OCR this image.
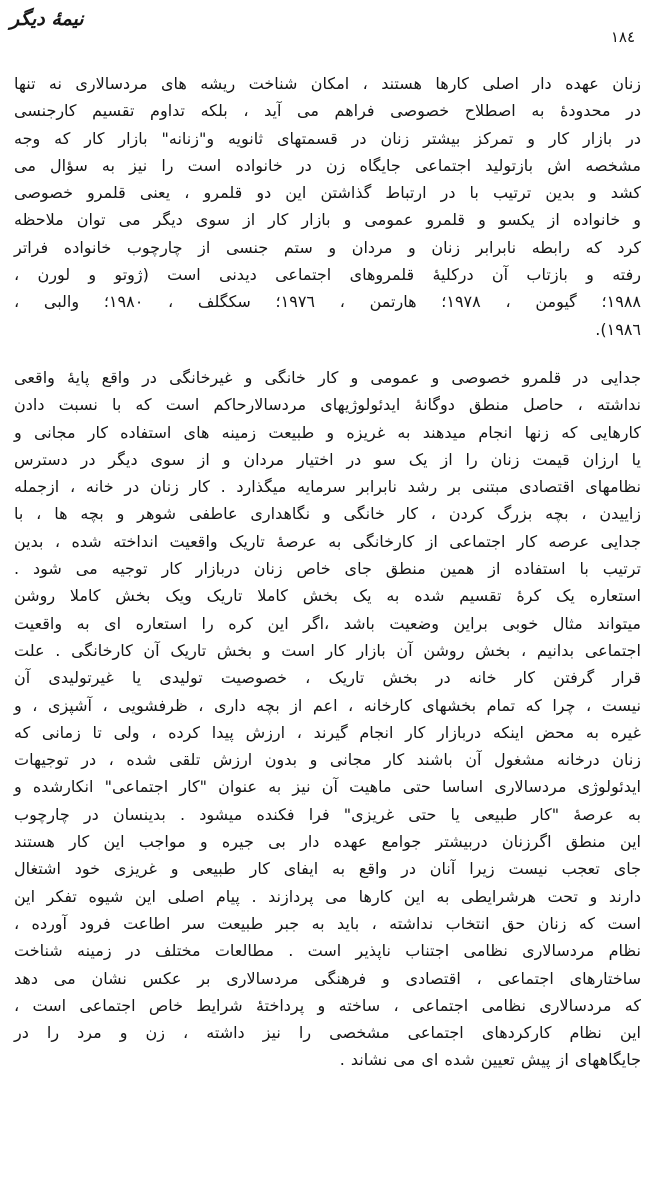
نیمهٔ دیگر
١٨٤
زنان عهده دار اصلی کارها هستند ، امکان شناخت ریشه های مردسالاری نه تنها
در محدودهٔ به اصطلاح خصوصی فراهم می آید ، بلکه تداوم تقسیم کارجنسی
در بازار کار و تمرکز بیشتر زنان در قسمتهای ثانویه و"زنانه" بازار کار که وجه
مشخصه اش بازتولید اجتماعی جایگاه زن در خانواده است را نیز به سؤال می
کشد و بدین ترتیب با در ارتباط گذاشتن این دو قلمرو ، یعنی قلمرو خصوصی
و خانواده از یکسو و قلمرو عمومی و بازار کار از سوی دیگر می توان ملاحظه
کرد که رابطه نابرابر زنان و مردان و ستم جنسی از چارچوب خانواده فراتر
رفته و بازتاب آن درکلیهٔ قلمروهای اجتماعی دیدنی است (ژوتو و لورن ،
١٩٨٨؛ گیومن ، ١٩٧٨؛ هارتمن ، ١٩٧٦؛ سکگلف ، ١٩٨٠؛ والبی ،
١٩٨٦).
جدایی در قلمرو خصوصی و عمومی و کار خانگی و غیرخانگی در واقع پایهٔ واقعی
نداشته ، حاصل منطق دوگانهٔ ایدئولوژیهای مردسالارحاکم است که با نسبت دادن
کارهایی که زنها انجام میدهند به غریزه و طبیعت زمینه های استفاده کار مجانی و
یا ارزان قیمت زنان را از یک سو در اختیار مردان و از سوی دیگر در دسترس
نظامهای اقتصادی مبتنی بر رشد نابرابر سرمایه میگذارد . کار زنان در خانه ، ازجمله
زاییدن ، بچه بزرگ کردن ، کار خانگی و نگاهداری عاطفی شوهر و بچه ها ، با
جدایی عرصه کار اجتماعی از کارخانگی به عرصهٔ تاریک واقعیت انداخته شده ، بدین
ترتیب با استفاده از همین منطق جای خاص زنان دربازار کار توجیه می شود .
استعاره یک کرهٔ تقسیم شده به یک بخش کاملا تاریک ویک بخش کاملا روشن
میتواند مثال خوبی براین وضعیت باشد ،اگر این کره را استعاره ای به واقعیت
اجتماعی بدانیم ، بخش روشن آن بازار کار است و بخش تاریک آن کارخانگی . علت
قرار گرفتن کار خانه در بخش تاریک ، خصوصیت تولیدی یا غیرتولیدی آن
نیست ، چرا که تمام بخشهای کارخانه ، اعم از بچه داری ، ظرفشویی ، آشپزی ، و
غیره به محض اینکه دربازار کار انجام گیرند ، ارزش پیدا کرده ، ولی تا زمانی که
زنان درخانه مشغول آن باشند کار مجانی و بدون ارزش تلقی شده ، در توجیهات
ایدئولوژی مردسالاری اساسا حتی ماهیت آن نیز به عنوان "کار اجتماعی" انکارشده و
به عرصهٔ "کار طبیعی یا حتی غریزی" فرا فکنده میشود . بدینسان در چارچوب
این منطق اگرزنان دربیشتر جوامع عهده دار بی جیره و مواجب این کار هستند
جای تعجب نیست زیرا آنان در واقع به ایفای کار طبیعی و غریزی خود اشتغال
دارند و تحت هرشرایطی به این کارها می پردازند . پیام اصلی این شیوه تفکر این
است که زنان حق انتخاب نداشته ، باید به جبر طبیعت سر اطاعت فرود آورده ،
نظام مردسالاری نظامی اجتناب ناپذیر است . مطالعات مختلف در زمینه شناخت
ساختارهای اجتماعی ، اقتصادی و فرهنگی مردسالاری بر عکس نشان می دهد
که مردسالاری نظامی اجتماعی ، ساخته و پرداختهٔ شرایط خاص اجتماعی است ،
این نظام کارکردهای اجتماعی مشخصی را نیز داشته ، زن و مرد را در
جایگاههای از پیش تعیین شده ای می نشاند .
